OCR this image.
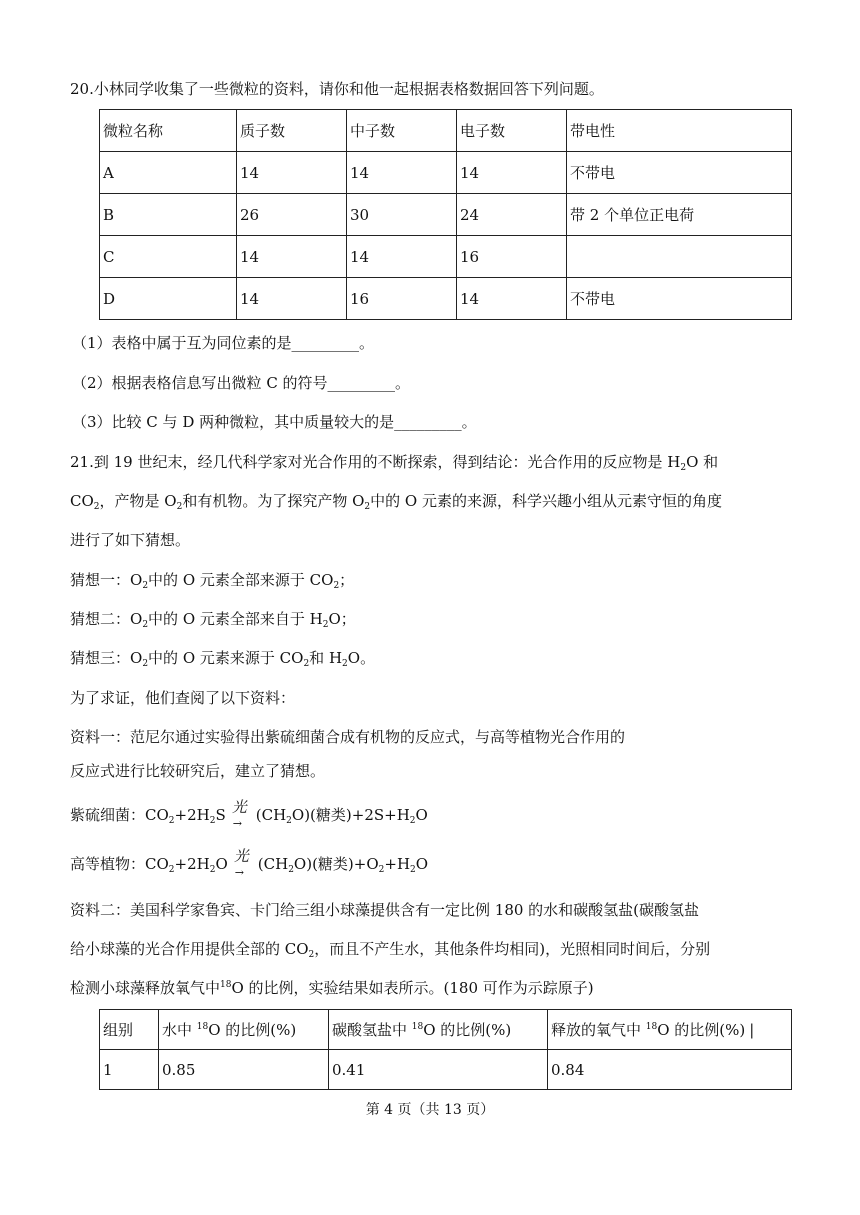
20.小林同学收集了一些微粒的资料，请你和他一起根据表格数据回答下列问题。
微粒名称	质子数	中子数	电子数	带电性
A	14	14	14	不带电
B	26	30	24	带 2 个单位正电荷
C	14	14	16	
D	14	16	14	不带电
（1）表格中属于互为同位素的是_________。
（2）根据表格信息写出微粒 C 的符号_________。
（3）比较 C 与 D 两种微粒，其中质量较大的是_________。
21.到 19 世纪末，经几代科学家对光合作用的不断探索，得到结论：光合作用的反应物是 $H_2O$ 和
$CO_2$，产物是 $O_2$和有机物。为了探究产物 $O_2$中的 O 元素的来源，科学兴趣小组从元素守恒的角度
进行了如下猜想。
猜想一：$O_2$中的 O 元素全部来源于 $CO_2$；
猜想二：$O_2$中的 O 元素全部来自于 $H_2O$；
猜想三：$O_2$中的 O 元素来源于 $CO_2$和 $H_2O$。
为了求证，他们查阅了以下资料：
资料一：范尼尔通过实验得出紫硫细菌合成有机物的反应式，与高等植物光合作用的
反应式进行比较研究后，建立了猜想。
紫硫细菌：$CO_2+2H_2S$ 光
→ $(CH_2O)$(糖类)$+2S+H_2O$
高等植物：$CO_2+2H_2O$ 光
→ $(CH_2O)$(糖类)$+O_2+H_2O$
资料二：美国科学家鲁宾、卡门给三组小球藻提供含有一定比例 180 的水和碳酸氢盐(碳酸氢盐
给小球藻的光合作用提供全部的 $CO_2$，而且不产生水，其他条件均相同)，光照相同时间后，分别
检测小球藻释放氧气中$^{18}$O 的比例，实验结果如表所示。(180 可作为示踪原子)
组别	水中 $^{18}$O 的比例(%)	碳酸氢盐中 $^{18}$O 的比例(%)	释放的氧气中 $^{18}$O 的比例(%) |
1	0.85	0.41	0.84
第 4 页（共 13 页）
